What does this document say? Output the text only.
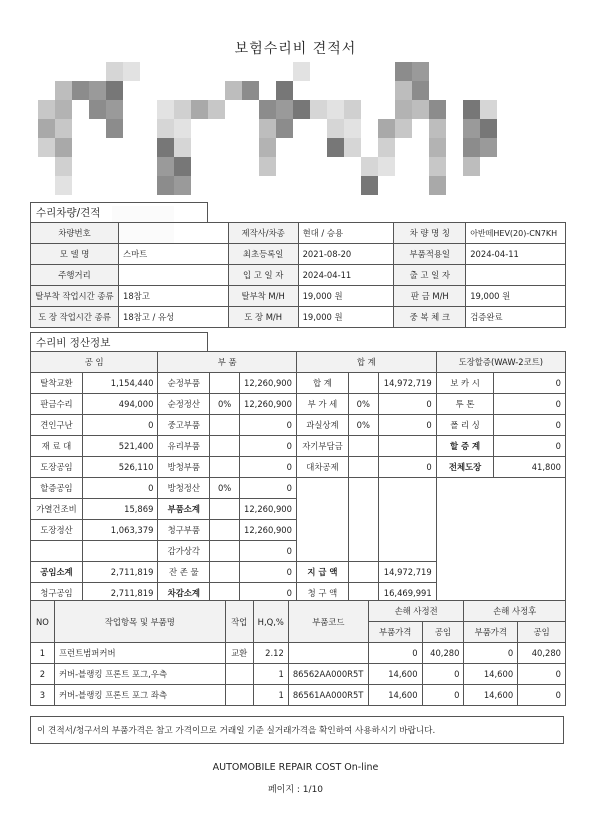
보험수리비 견적서
수리차량/견적
차량번호		제작사/차종	현대 / 승용	차 량 명 칭	아반떼HEV(20)-CN7KH
모 델 명	스마트	최초등록일	2021-08-20	부품적용일	2024-04-11
주행거리		입 고 일 자	2024-04-11	출 고 일 자	
탈부착 작업시간 종류	18참고	탈부착 M/H	19,000 원	판 금 M/H	19,000 원
도 장 작업시간 종류	18참고 / 유성	도 장 M/H	19,000 원	중 복 체 크	검증완료
수리비 정산정보
공 임		부 품			합 계			도장할증(WAW-2코트)	
탈착교환	1,154,440	순정부품		12,260,900	합 계		14,972,719	보 카 시	0
판금수리	494,000	순정정산	0%	12,260,900	부 가 세	0%	0	투 톤	0
견인구난	0	중고부품		0	과실상계	0%	0	폴 리 싱	0
재 료 대	521,400	유리부품		0	자기부담금			할 증 계	0
도장공임	526,110	방청부품		0	대차공제		0	전체도장	41,800
할증공임	0	방청정산	0%	0					
가열건조비	15,869	부품소계		12,260,900					
도장정산	1,063,379	청구부품		12,260,900					
		감가상각		0					
공임소계	2,711,819	잔 존 물		0	지 급 액		14,972,719		
청구공임	2,711,819	차감소계		0	청 구 액		16,469,991		
NO	작업항목 및 부품명	작업	H,Q,%	부품코드	손해 사정전		손해 사정후	
					부품가격	공임	부품가격	공임
1	프런트범퍼커버	교환	2.12		0	40,280	0	40,280
2	커버-블랭킹 프론트 포그,우측		1	86562AA000R5T	14,600	0	14,600	0
3	커버-블랭킹 프론트 포그 좌측		1	86561AA000R5T	14,600	0	14,600	0
이 견적서/청구서의 부품가격은 참고 가격이므로 거래일 기준 실거래가격을 확인하여 사용하시기 바랍니다.
AUTOMOBILE REPAIR COST On-line
페이지 : 1/10
